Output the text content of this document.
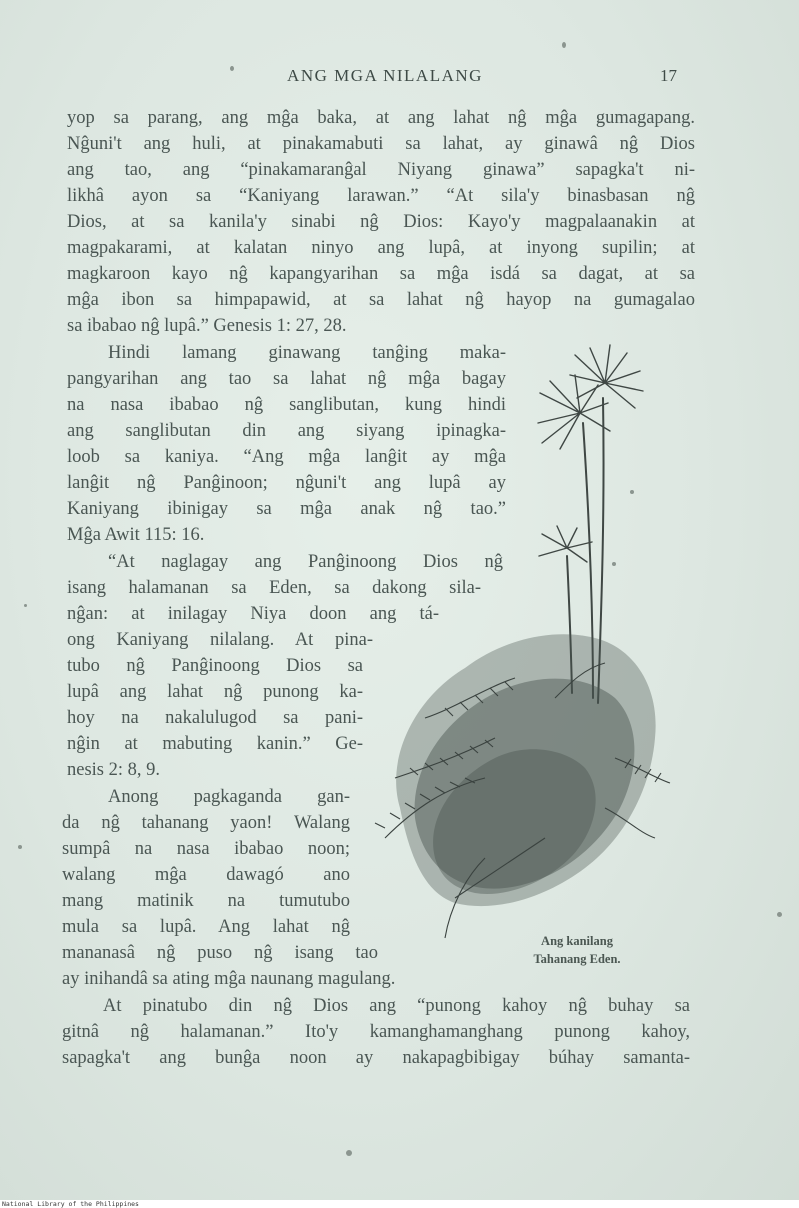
ANG MGA NILALANG	17
yop sa parang, ang mĝa baka, at ang lahat nĝ mĝa gumagapang.
Nĝuni't ang huli, at pinakamabuti sa lahat, ay ginawâ nĝ Dios
ang tao, ang “pinakamaranĝal Niyang ginawa” sapagka't ni-
likhâ ayon sa “Kaniyang larawan.” “At sila'y binasbasan nĝ
Dios, at sa kanila'y sinabi nĝ Dios: Kayo'y magpalaanakin at
magpakarami, at kalatan ninyo ang lupâ, at inyong supilin; at
magkaroon kayo nĝ kapangyarihan sa mĝa isdá sa dagat, at sa
mĝa ibon sa himpapawid, at sa lahat nĝ hayop na gumagalao
sa ibabao nĝ lupâ.” Genesis 1: 27, 28.
Hindi lamang ginawang tanĝing maka-
pangyarihan ang tao sa lahat nĝ mĝa bagay
na nasa ibabao nĝ sanglibutan, kung hindi
ang sanglibutan din ang siyang ipinagka-
loob sa kaniya. “Ang mĝa lanĝit ay mĝa
lanĝit nĝ Panĝinoon; nĝuni't ang lupâ ay
Kaniyang ibinigay sa mĝa anak nĝ tao.”
Mĝa Awit 115: 16.
“At naglagay ang Panĝinoong Dios nĝ
isang halamanan sa Eden, sa dakong sila-
nĝan: at inilagay Niya doon ang tá-
ong Kaniyang nilalang. At pina-
tubo nĝ Panĝinoong Dios sa
lupâ ang lahat nĝ punong ka-
hoy na nakalulugod sa pani-
nĝin at mabuting kanin.” Ge-
nesis 2: 8, 9.
Anong pagkaganda gan-
da nĝ tahanang yaon! Walang
sumpâ na nasa ibabao noon;
walang mĝa dawagó ano
mang matinik na tumutubo
mula sa lupâ. Ang lahat nĝ
mananasâ nĝ puso nĝ isang tao
ay inihandâ sa ating mĝa naunang magulang.
At pinatubo din nĝ Dios ang “punong kahoy nĝ buhay sa
gitnâ nĝ halamanan.” Ito'y kamanghamanghang punong kahoy,
sapagka't ang bunĝa noon ay nakapagbibigay búhay samanta-
Ang kanilang
Tahanang Eden.
National Library of the Philippines
